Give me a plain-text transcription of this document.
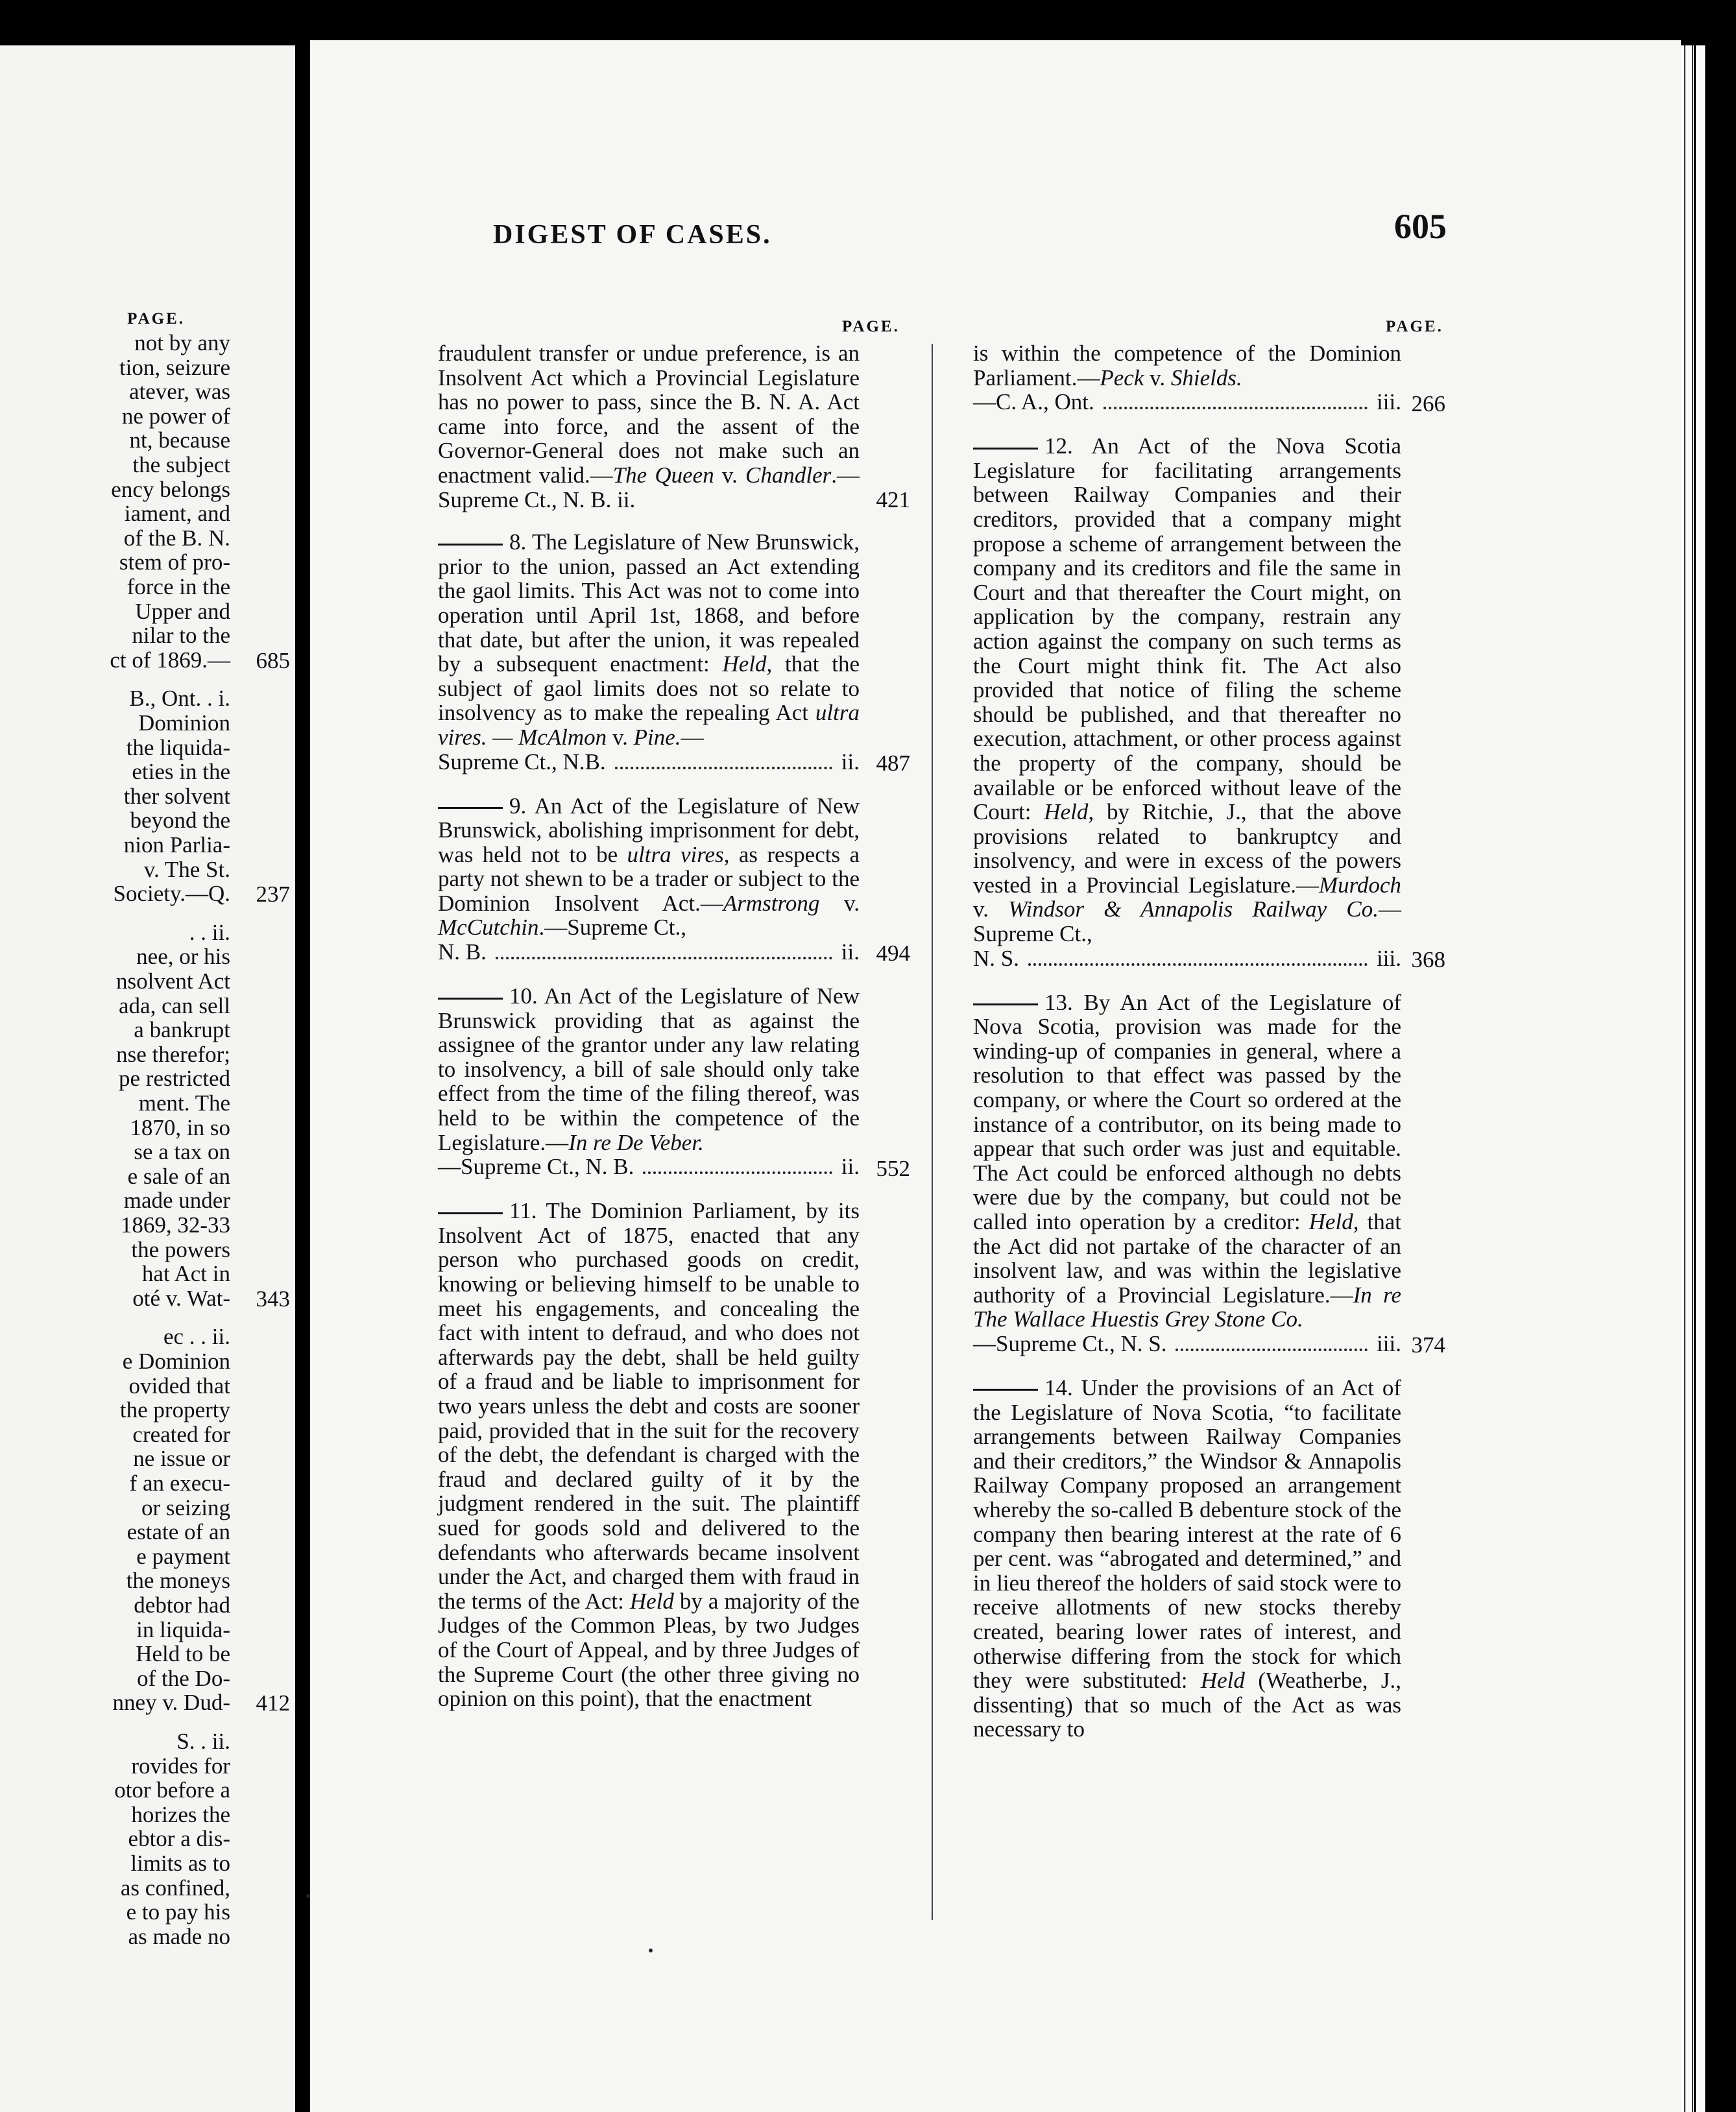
PAGE.
not by any
tion, seizure
atever, was
ne power of
nt, because
the subject
ency belongs
iament, and
of the B. N.
stem of pro-
force in the
Upper and
nilar to the
ct of 1869.— 685
B., Ont. . i.
Dominion
the liquida-
eties in the
ther solvent
beyond the
nion Parlia-
v. The St.
Society.—Q. 237
. . ii.
nee, or his
nsolvent Act
ada, can sell
a bankrupt
nse therefor;
pe restricted
ment. The
1870, in so
se a tax on
e sale of an
made under
1869, 32-33
the powers
hat Act in
oté v. Wat- 343
ec . . ii.
e Dominion
ovided that
the property
created for
ne issue or
f an execu-
or seizing
estate of an
e payment
the moneys
debtor had
in liquida-
Held to be
of the Do-
nney v. Dud- 412
S. . ii.
rovides for
otor before a
horizes the
ebtor a dis-
limits as to
as confined,
e to pay his
as made no
DIGEST OF CASES.	605
PAGE.	PAGE.

fraudulent transfer or undue preference, is an Insolvent Act which a Provincial Legislature has no power to pass, since the B. N. A. Act came into force, and the assent of the Governor-General does not make such an enactment valid.—The Queen v. Chandler.—Supreme Ct., N. B. ii.	421

8. The Legislature of New Brunswick, prior to the union, passed an Act extending the gaol limits. This Act was not to come into operation until April 1st, 1868, and before that date, but after the union, it was repealed by a subsequent enactment: Held, that the subject of gaol limits does not so relate to insolvency as to make the repealing Act ultra vires. — McAlmon v. Pine.—

Supreme Ct., N.B.	ii. 487

9. An Act of the Legislature of New Brunswick, abolishing imprisonment for debt, was held not to be ultra vires, as respects a party not shewn to be a trader or subject to the Dominion Insolvent Act.—Armstrong v. McCutchin.—Supreme Ct.,

N. B.	ii. 494

10. An Act of the Legislature of New Brunswick providing that as against the assignee of the grantor under any law relating to insolvency, a bill of sale should only take effect from the time of the filing thereof, was held to be within the competence of the Legislature.—In re De Veber.

—Supreme Ct., N. B.	ii. 552

11. The Dominion Parliament, by its Insolvent Act of 1875, enacted that any person who purchased goods on credit, knowing or believing himself to be unable to meet his engagements, and concealing the fact with intent to defraud, and who does not afterwards pay the debt, shall be held guilty of a fraud and be liable to imprisonment for two years unless the debt and costs are sooner paid, provided that in the suit for the recovery of the debt, the defendant is charged with the fraud and declared guilty of it by the judgment rendered in the suit. The plaintiff sued for goods sold and delivered to the defendants who afterwards became insolvent under the Act, and charged them with fraud in the terms of the Act: Held by a majority of the Judges of the Common Pleas, by two Judges of the Court of Appeal, and by three Judges of the Supreme Court (the other three giving no opinion on this point), that the enactment

is within the competence of the Dominion Parliament.—Peck v. Shields.

—C. A., Ont.	iii. 266

12. An Act of the Nova Scotia Legislature for facilitating arrangements between Railway Companies and their creditors, provided that a company might propose a scheme of arrangement between the company and its creditors and file the same in Court and that thereafter the Court might, on application by the company, restrain any action against the company on such terms as the Court might think fit. The Act also provided that notice of filing the scheme should be published, and that thereafter no execution, attachment, or other process against the property of the company, should be available or be enforced without leave of the Court: Held, by Ritchie, J., that the above provisions related to bankruptcy and insolvency, and were in excess of the powers vested in a Provincial Legislature.—Murdoch v. Windsor & Annapolis Railway Co.—Supreme Ct.,

N. S.	iii. 368

13. By An Act of the Legislature of Nova Scotia, provision was made for the winding-up of companies in general, where a resolution to that effect was passed by the company, or where the Court so ordered at the instance of a contributor, on its being made to appear that such order was just and equitable. The Act could be enforced although no debts were due by the company, but could not be called into operation by a creditor: Held, that the Act did not partake of the character of an insolvent law, and was within the legislative authority of a Provincial Legislature.—In re The Wallace Huestis Grey Stone Co.

—Supreme Ct., N. S.	iii. 374

14. Under the provisions of an Act of the Legislature of Nova Scotia, “to facilitate arrangements between Railway Companies and their creditors,” the Windsor & Annapolis Railway Company proposed an arrangement whereby the so-called B debenture stock of the company then bearing interest at the rate of 6 per cent. was “abrogated and determined,” and in lieu thereof the holders of said stock were to receive allotments of new stocks thereby created, bearing lower rates of interest, and otherwise differing from the stock for which they were substituted: Held (Weatherbe, J., dissenting) that so much of the Act as was necessary to
